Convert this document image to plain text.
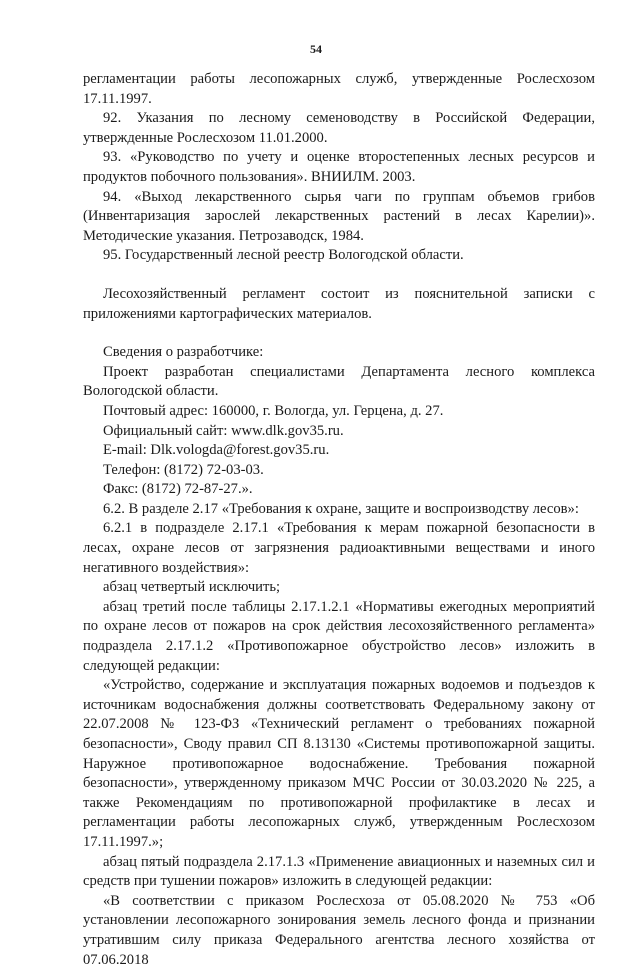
54

регламентации работы лесопожарных служб, утвержденные Рослесхозом 17.11.1997.

92. Указания по лесному семеноводству в Российской Федерации, утвержденные Рослесхозом 11.01.2000.

93. «Руководство по учету и оценке второстепенных лесных ресурсов и продуктов побочного пользования». ВНИИЛМ. 2003.

94. «Выход лекарственного сырья чаги по группам объемов грибов (Инвентаризация зарослей лекарственных растений в лесах Карелии)». Методические указания. Петрозаводск, 1984.

95. Государственный лесной реестр Вологодской области.

Лесохозяйственный регламент состоит из пояснительной записки с приложениями картографических материалов.

Сведения о разработчике:

Проект разработан специалистами Департамента лесного комплекса Вологодской области.

Почтовый адрес: 160000, г. Вологда, ул. Герцена, д. 27.

Официальный сайт: www.dlk.gov35.ru.

E-mail: Dlk.vologda@forest.gov35.ru.

Телефон: (8172) 72-03-03.

Факс: (8172) 72-87-27.».

6.2. В разделе 2.17 «Требования к охране, защите и воспроизводству лесов»:

6.2.1 в подразделе 2.17.1 «Требования к мерам пожарной безопасности в лесах, охране лесов от загрязнения радиоактивными веществами и иного негативного воздействия»:

абзац четвертый исключить;

абзац третий после таблицы 2.17.1.2.1 «Нормативы ежегодных мероприятий по охране лесов от пожаров на срок действия лесохозяйственного регламента» подраздела 2.17.1.2 «Противопожарное обустройство лесов» изложить в следующей редакции:

«Устройство, содержание и эксплуатация пожарных водоемов и подъездов к источникам водоснабжения должны соответствовать Федеральному закону от 22.07.2008 № 123-ФЗ «Технический регламент о требованиях пожарной безопасности», Своду правил СП 8.13130 «Системы противопожарной защиты. Наружное противопожарное водоснабжение. Требования пожарной безопасности», утвержденному приказом МЧС России от 30.03.2020 № 225, а также Рекомендациям по противопожарной профилактике в лесах и регламентации работы лесопожарных служб, утвержденным Рослесхозом 17.11.1997.»;

абзац пятый подраздела 2.17.1.3 «Применение авиационных и наземных сил и средств при тушении пожаров» изложить в следующей редакции:

«В соответствии с приказом Рослесхоза от 05.08.2020 № 753 «Об установлении лесопожарного зонирования земель лесного фонда и признании утратившим силу приказа Федерального агентства лесного хозяйства от 07.06.2018
